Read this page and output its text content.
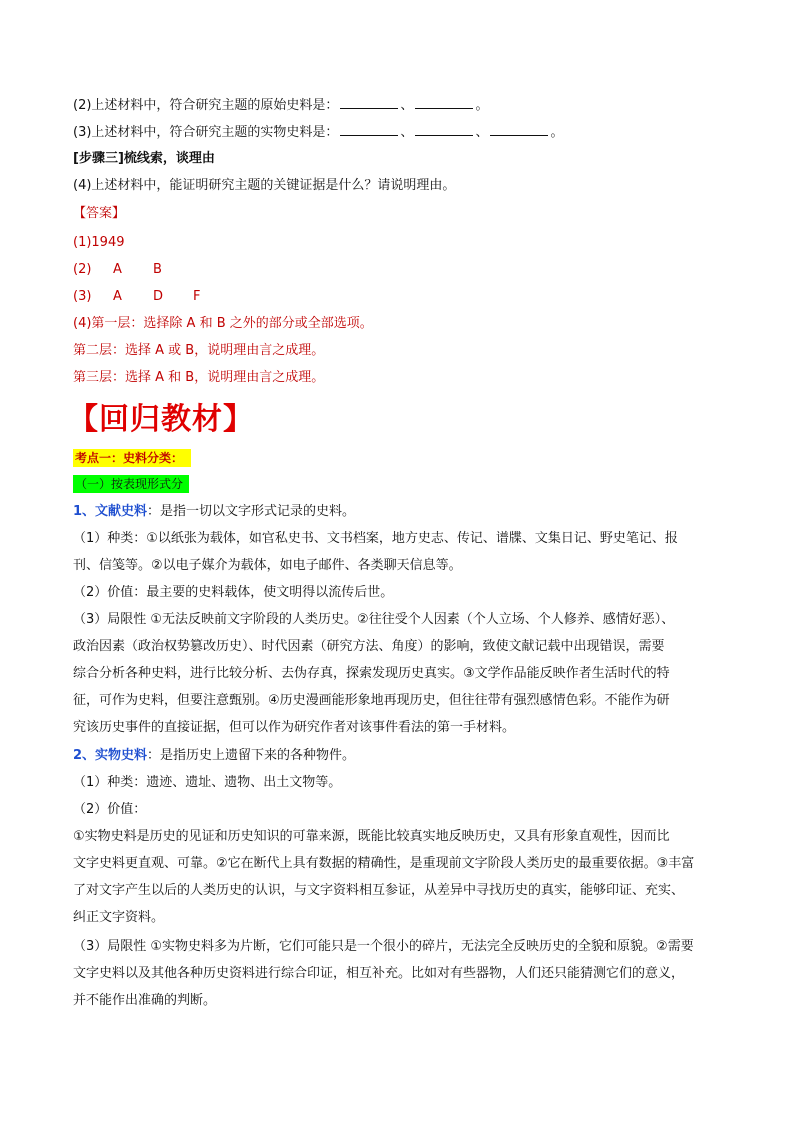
(2)上述材料中，符合研究主题的原始史料是：	、	。
(3)上述材料中，符合研究主题的实物史料是：	、	、	。
[步骤三]梳线索，谈理由
(4)上述材料中，能证明研究主题的关键证据是什么？请说明理由。
【答案】
(1)1949
(2) A B
(3) A D F
(4)第一层：选择除 A 和 B 之外的部分或全部选项。
第二层：选择 A 或 B，说明理由言之成理。
第三层：选择 A 和 B，说明理由言之成理。
【回归教材】
考点一：史料分类：
（一）按表现形式分
1、文献史料：是指一切以文字形式记录的史料。
（1）种类：①以纸张为载体，如官私史书、文书档案，地方史志、传记、谱牒、文集日记、野史笔记、报
刊、信笺等。②以电子媒介为载体，如电子邮件、各类聊天信息等。
（2）价值：最主要的史料载体，使文明得以流传后世。
（3）局限性 ①无法反映前文字阶段的人类历史。②往往受个人因素（个人立场、个人修养、感情好恶）、
政治因素（政治权势篡改历史）、时代因素（研究方法、角度）的影响，致使文献记载中出现错误，需要
综合分析各种史料，进行比较分析、去伪存真，探索发现历史真实。③文学作品能反映作者生活时代的特
征，可作为史料，但要注意甄别。④历史漫画能形象地再现历史，但往往带有强烈感情色彩。不能作为研
究该历史事件的直接证据，但可以作为研究作者对该事件看法的第一手材料。
2、实物史料：是指历史上遗留下来的各种物件。
（1）种类：遗迹、遗址、遗物、出土文物等。
（2）价值：
①实物史料是历史的见证和历史知识的可靠来源，既能比较真实地反映历史，又具有形象直观性，因而比
文字史料更直观、可靠。②它在断代上具有数据的精确性，是重现前文字阶段人类历史的最重要依据。③丰富
了对文字产生以后的人类历史的认识，与文字资料相互参证，从差异中寻找历史的真实，能够印证、充实、
纠正文字资料。
（3）局限性 ①实物史料多为片断，它们可能只是一个很小的碎片，无法完全反映历史的全貌和原貌。②需要
文字史料以及其他各种历史资料进行综合印证，相互补充。比如对有些器物，人们还只能猜测它们的意义，
并不能作出准确的判断。
